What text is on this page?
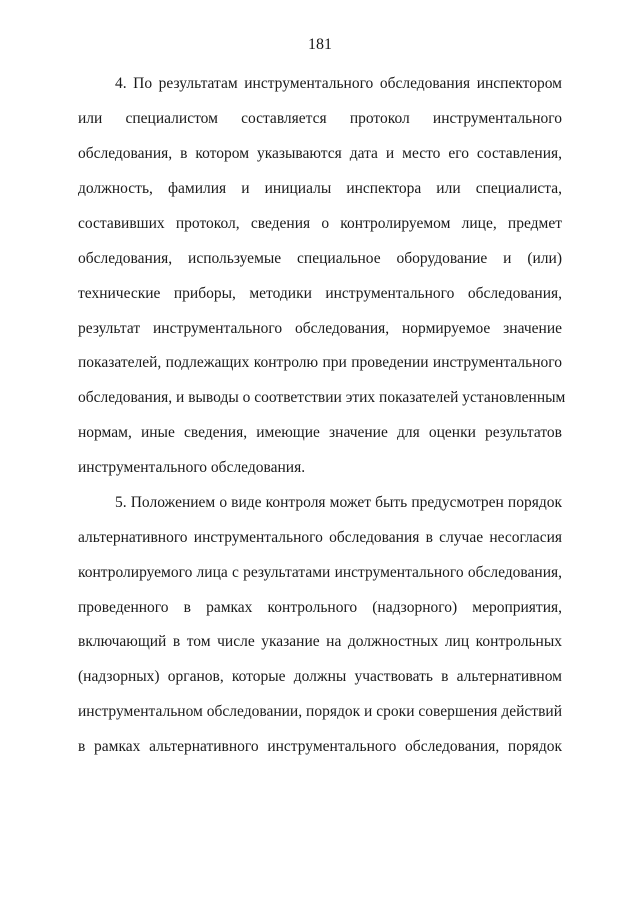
181
4. По результатам инструментального обследования инспектором
или специалистом составляется протокол инструментального
обследования, в котором указываются дата и место его составления,
должность, фамилия и инициалы инспектора или специалиста,
составивших протокол, сведения о контролируемом лице, предмет
обследования, используемые специальное оборудование и (или)
технические приборы, методики инструментального обследования,
результат инструментального обследования, нормируемое значение
показателей, подлежащих контролю при проведении инструментального
обследования, и выводы о соответствии этих показателей установленным
нормам, иные сведения, имеющие значение для оценки результатов
инструментального обследования.
5. Положением о виде контроля может быть предусмотрен порядок
альтернативного инструментального обследования в случае несогласия
контролируемого лица с результатами инструментального обследования,
проведенного в рамках контрольного (надзорного) мероприятия,
включающий в том числе указание на должностных лиц контрольных
(надзорных) органов, которые должны участвовать в альтернативном
инструментальном обследовании, порядок и сроки совершения действий
в рамках альтернативного инструментального обследования, порядок
